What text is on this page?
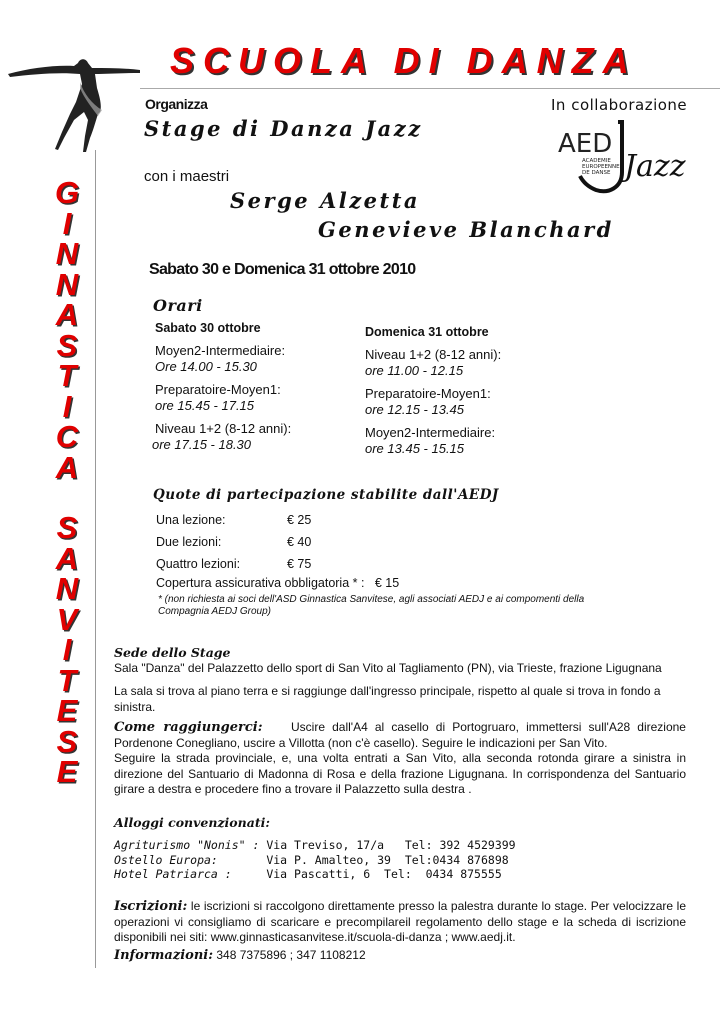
SCUOLA DI DANZA
G
I
N
N
A
S
T
I
C
A
S
A
N
V
I
T
E
S
E
In collaborazione
AED
ACADEMIE
EUROPEENNE
DE DANSE Jazz
Organizza
Stage di Danza Jazz
con i maestri
Serge Alzetta
Genevieve Blanchard
Sabato 30 e Domenica 31 ottobre 2010
Orari
Sabato 30 ottobre
Moyen2-Intermediaire:
Ore 14.00 - 15.30
Preparatoire-Moyen1:
ore 15.45 - 17.15
Niveau 1+2 (8-12 anni):
ore 17.15 - 18.30
Domenica 31 ottobre
Niveau 1+2 (8-12 anni):
ore 11.00 - 12.15
Preparatoire-Moyen1:
ore 12.15 - 13.45
Moyen2-Intermediaire:
ore 13.45 - 15.15
Quote di partecipazione stabilite dall'AEDJ
Una lezione:	€ 25
Due lezioni:	€ 40
Quattro lezioni:	€ 75
Copertura assicurativa obbligatoria * :   € 15
* (non richiesta ai soci dell'ASD Ginnastica Sanvitese, agli associati AEDJ e ai compomenti della Compagnia AEDJ Group)
Sede dello Stage
Sala "Danza" del Palazzetto dello sport di San Vito al Tagliamento (PN), via Trieste, frazione Ligugnana
La sala si trova al piano terra e si raggiunge dall'ingresso principale, rispetto al quale si trova in fondo a sinistra.
Come raggiungerci: Uscire dall'A4 al casello di Portogruaro, immettersi sull'A28 direzione Pordenone Conegliano, uscire a Villotta (non c'è casello). Seguire le indicazioni per San Vito.
Seguire la strada provinciale, e, una volta entrati a San Vito, alla seconda rotonda girare a sinistra in direzione del Santuario di Madonna di Rosa e della frazione Ligugnana. In corrispondenza del Santuario girare a destra e procedere fino a trovare il Palazzetto sulla destra .
Alloggi convenzionati:
Agriturismo "Nonis" : Via Treviso, 17/a Tel: 392 4529399
Ostello Europa:	Via P. Amalteo, 39 Tel:0434 876898
Hotel Patriarca :	Via Pascatti, 6 Tel:  0434 875555
Iscrizioni: le iscrizioni si raccolgono direttamente presso la palestra durante lo stage. Per velocizzare le operazioni vi consigliamo di scaricare e precompilareil regolamento dello stage e la scheda di iscrizione disponibili nei siti: www.ginnasticasanvitese.it/scuola-di-danza ; www.aedj.it.
Informazioni: 348 7375896 ; 347 1108212
